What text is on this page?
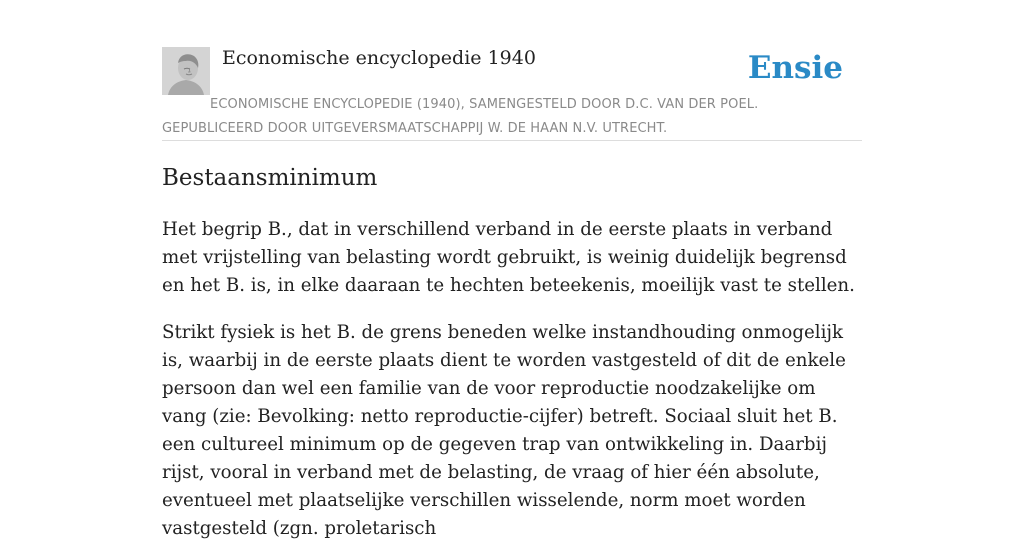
Economische encyclopedie 1940	Ensie
ECONOMISCHE ENCYCLOPEDIE (1940), SAMENGESTELD DOOR D.C. VAN DER POEL.
GEPUBLICEERD DOOR UITGEVERSMAATSCHAPPIJ W. DE HAAN N.V. UTRECHT.
Bestaansminimum

Het begrip B., dat in verschillend verband in de eerste plaats in verband met vrijstelling van belasting wordt gebruikt, is weinig duidelijk begrensd en het B. is, in elke daaraan te hechten beteekenis, moeilijk vast te stellen.

Strikt fysiek is het B. de grens beneden welke instandhouding onmogelijk is, waarbij in de eerste plaats dient te worden vastgesteld of dit de enkele persoon dan wel een familie van de voor reproductie noodzakelijke om vang (zie: Bevolking: netto reproductie-cijfer) betreft. Sociaal sluit het B. een cultureel minimum op de gegeven trap van ontwikkeling in. Daarbij rijst, vooral in verband met de belasting, de vraag of hier één absolute, eventueel met plaatselijke verschillen wisselende, norm moet worden vastgesteld (zgn. proletarisch
